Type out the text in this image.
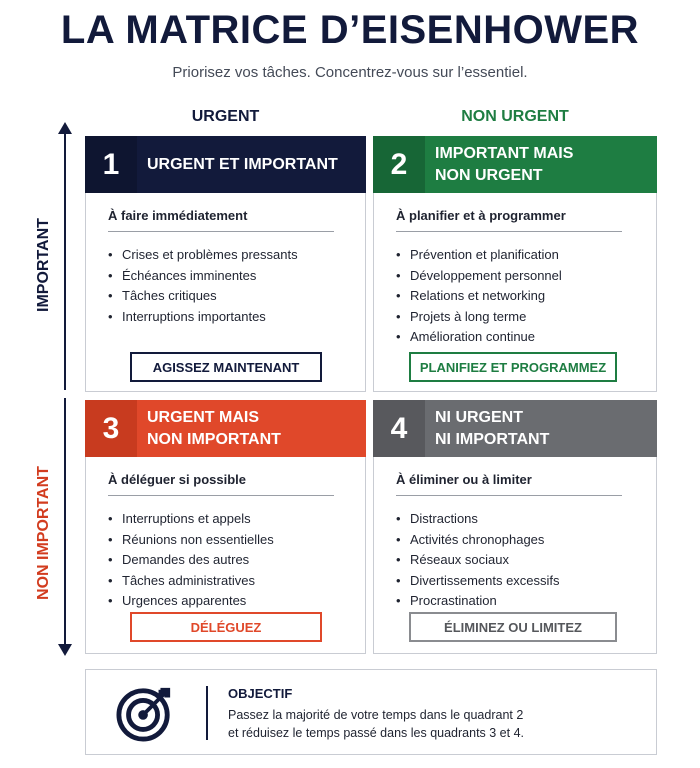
LA MATRICE D’EISENHOWER
Priorisez vos tâches. Concentrez-vous sur l’essentiel.
URGENT	NON URGENT
IMPORTANT
NON IMPORTANT
1	URGENT ET IMPORTANT
À faire immédiatement
• Crises et problèmes pressants
• Échéances imminentes
• Tâches critiques
• Interruptions importantes
AGISSEZ MAINTENANT
2	IMPORTANT MAIS
NON URGENT
À planifier et à programmer
• Prévention et planification
• Développement personnel
• Relations et networking
• Projets à long terme
• Amélioration continue
PLANIFIEZ ET PROGRAMMEZ
3	URGENT MAIS
NON IMPORTANT
À déléguer si possible
• Interruptions et appels
• Réunions non essentielles
• Demandes des autres
• Tâches administratives
• Urgences apparentes
DÉLÉGUEZ
4	NI URGENT
NI IMPORTANT
À éliminer ou à limiter
• Distractions
• Activités chronophages
• Réseaux sociaux
• Divertissements excessifs
• Procrastination
ÉLIMINEZ OU LIMITEZ
OBJECTIF
Passez la majorité de votre temps dans le quadrant 2
et réduisez le temps passé dans les quadrants 3 et 4.
